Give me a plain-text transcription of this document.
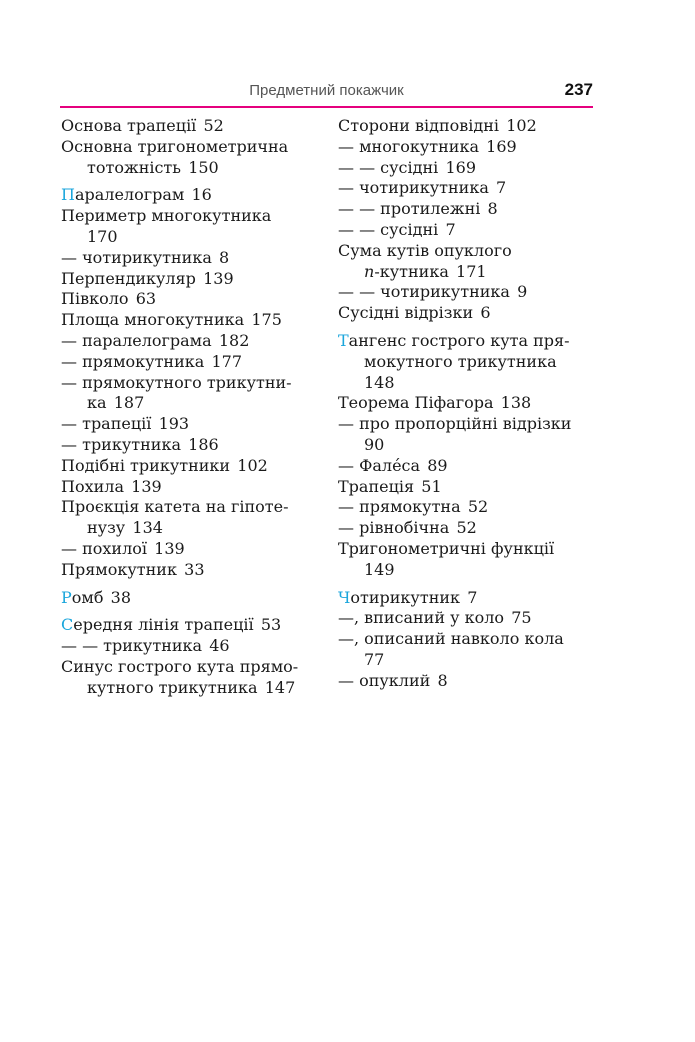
Предметний покажчик	237
Основа трапеції 52
Основна тригонометрична
тотожність 150
Паралелограм 16
Периметр многокутника
170
— чотирикутника 8
Перпендикуляр 139
Півколо 63
Площа многокутника 175
— паралелограма 182
— прямокутника 177
— прямокутного трикутни-
ка 187
— трапеції 193
— трикутника 186
Подібні трикутники 102
Похила 139
Проєкція катета на гіпоте-
нузу 134
— похилої 139
Прямокутник 33
Ромб 38
Середня лінія трапеції 53
— — трикутника 46
Синус гострого кута прямо-
кутного трикутника 147
Сторони відповідні 102
— многокутника 169
— — сусідні 169
— чотирикутника 7
— — протилежні 8
— — сусідні 7
Сума кутів опуклого
n-кутника 171
— — чотирикутника 9
Сусідні відрізки 6
Тангенс гострого кута пря-
мокутного трикутника
148
Теорема Піфагора 138
— про пропорційні відрізки
90
— Фале́са 89
Трапеція 51
— прямокутна 52
— рівнобічна 52
Тригонометричні функції
149
Чотирикутник 7
—, вписаний у коло 75
—, описаний навколо кола
77
— опуклий 8
